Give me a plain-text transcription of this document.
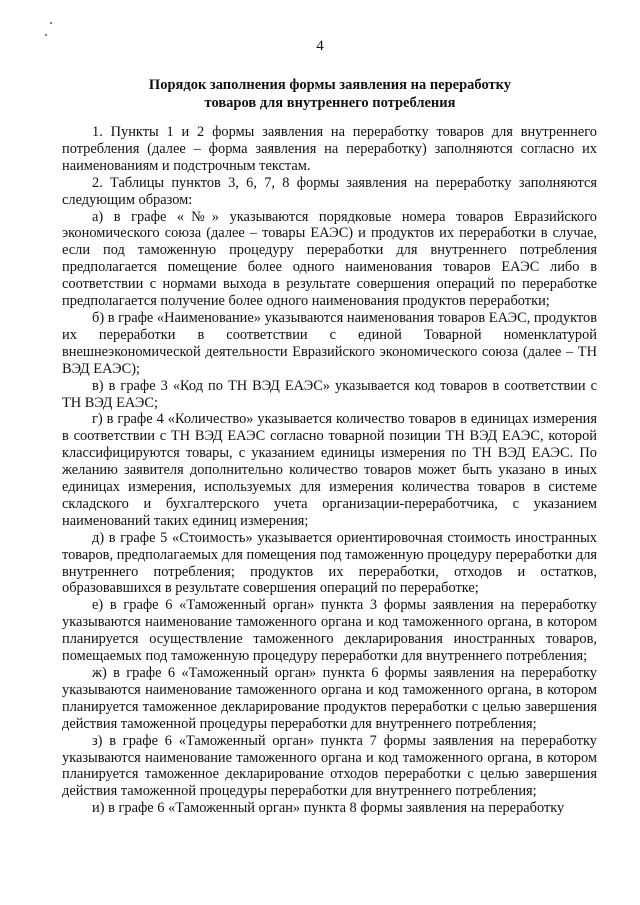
4
Порядок заполнения формы заявления на переработку
товаров для внутреннего потребления

1. Пункты 1 и 2 формы заявления на переработку товаров для внутреннего потребления (далее – форма заявления на переработку) заполняются согласно их наименованиям и подстрочным текстам.

2. Таблицы пунктов 3, 6, 7, 8 формы заявления на переработку заполняются следующим образом:

а) в графе «№» указываются порядковые номера товаров Евразийского экономического союза (далее – товары ЕАЭС) и продуктов их переработки в случае, если под таможенную процедуру переработки для внутреннего потребления предполагается помещение более одного наименования товаров ЕАЭС либо в соответствии с нормами выхода в результате совершения операций по переработке предполагается получение более одного наименования продуктов переработки;

б) в графе «Наименование» указываются наименования товаров ЕАЭС, продуктов их переработки в соответствии с единой Товарной номенклатурой внешнеэкономической деятельности Евразийского экономического союза (далее – ТН ВЭД ЕАЭС);

в) в графе 3 «Код по ТН ВЭД ЕАЭС» указывается код товаров в соответствии с ТН ВЭД ЕАЭС;

г) в графе 4 «Количество» указывается количество товаров в единицах измерения в соответствии с ТН ВЭД ЕАЭС согласно товарной позиции ТН ВЭД ЕАЭС, которой классифицируются товары, с указанием единицы измерения по ТН ВЭД ЕАЭС. По желанию заявителя дополнительно количество товаров может быть указано в иных единицах измерения, используемых для измерения количества товаров в системе складского и бухгалтерского учета организации-переработчика, с указанием наименований таких единиц измерения;

д) в графе 5 «Стоимость» указывается ориентировочная стоимость иностранных товаров, предполагаемых для помещения под таможенную процедуру переработки для внутреннего потребления; продуктов их переработки, отходов и остатков, образовавшихся в результате совершения операций по переработке;

е) в графе 6 «Таможенный орган» пункта 3 формы заявления на переработку указываются наименование таможенного органа и код таможенного органа, в котором планируется осуществление таможенного декларирования иностранных товаров, помещаемых под таможенную процедуру переработки для внутреннего потребления;

ж) в графе 6 «Таможенный орган» пункта 6 формы заявления на переработку указываются наименование таможенного органа и код таможенного органа, в котором планируется таможенное декларирование продуктов переработки с целью завершения действия таможенной процедуры переработки для внутреннего потребления;

з) в графе 6 «Таможенный орган» пункта 7 формы заявления на переработку указываются наименование таможенного органа и код таможенного органа, в котором планируется таможенное декларирование отходов переработки с целью завершения действия таможенной процедуры переработки для внутреннего потребления;

и) в графе 6 «Таможенный орган» пункта 8 формы заявления на переработку
